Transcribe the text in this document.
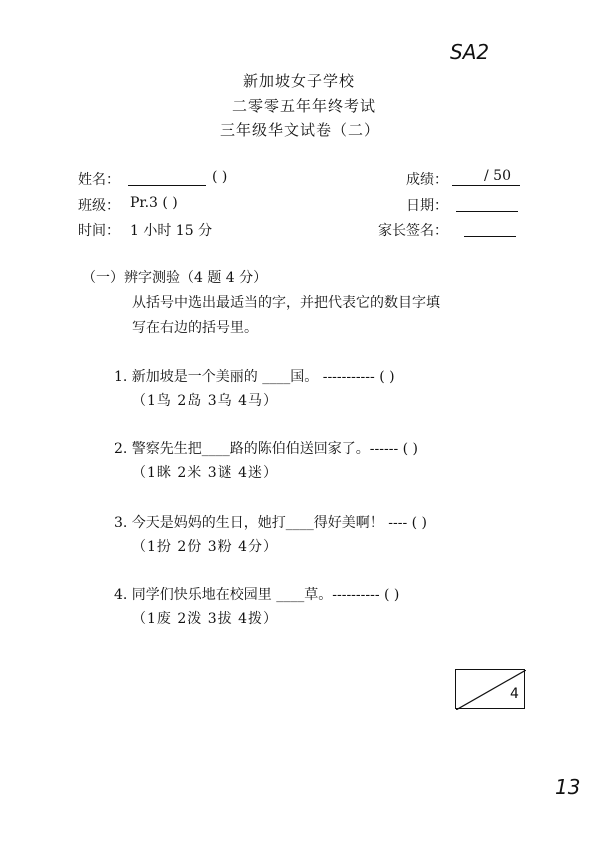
SA2
新加坡女子学校
二零零五年年终考试
三年级华文试卷（二）
姓名：	( )	成绩：	/ 50
班级： Pr.3 ( )	日期：
时间： 1 小时 15 分	家长签名：
（一）辨字测验（4 题 4 分）
从括号中选出最适当的字，并把代表它的数目字填
写在右边的括号里。
1. 新加坡是一个美丽的 ____国。 ----------- ( )
（1鸟 2岛 3乌 4马）
2. 警察先生把____路的陈伯伯送回家了。------ ( )
（1眯 2米 3谜 4迷）
3. 今天是妈妈的生日，她打____得好美啊！ ---- ( )
（1扮 2份 3粉 4分）
4. 同学们快乐地在校园里 ____草。---------- ( )
（1废 2泼 3拔 4拨）
4
13
